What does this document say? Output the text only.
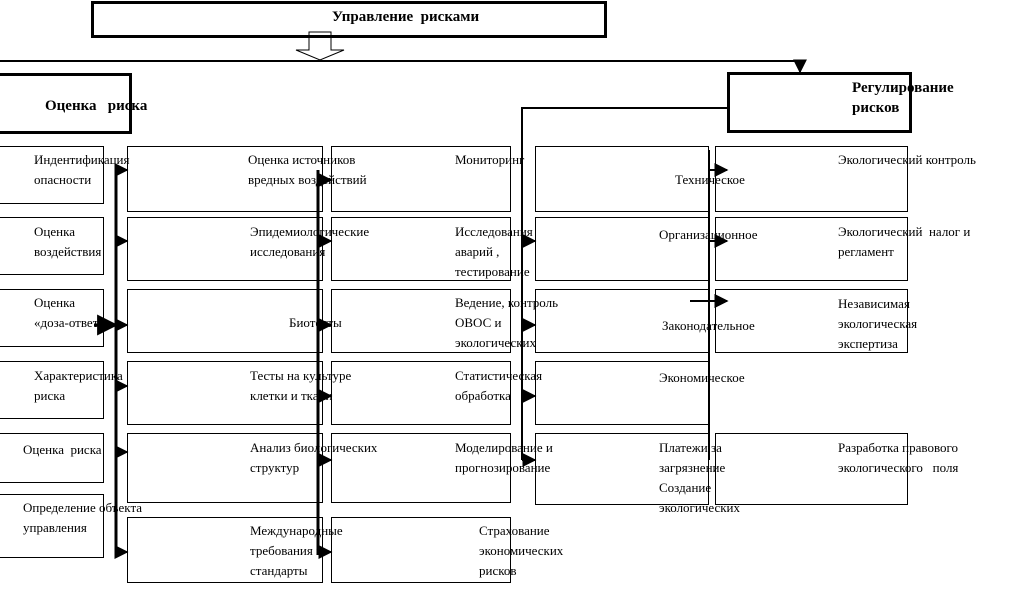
Управление  рисками
Оценка   риска
Регулирование
рисков
Индентификация
опасности
Оценка
воздействия
Оценка
«доза-ответ»
Характеристика
риска
Оценка  риска
Определение объекта
управления
Оценка источников
вредных воздействий
Эпидемиологические
исследования
Биотесты
Тесты на культуре
клетки и ткани
Анализ биологических
структур
Международные
требования и
стандарты
Мониторинг
Исследования
аварий ,
тестирование
Ведение, контроль
ОВОС и
экологических
Статистическая
обработка
Моделирование и
прогнозирование
Страхование
экономических
рисков
Техническое
Организационное
Законодательное
Экономическое
Платежи за
загрязнение
Создание
экологических
Экологический контроль
Экологический  налог и
регламент
Независимая
экологическая
экспертиза
Разработка правового
экологического   поля
